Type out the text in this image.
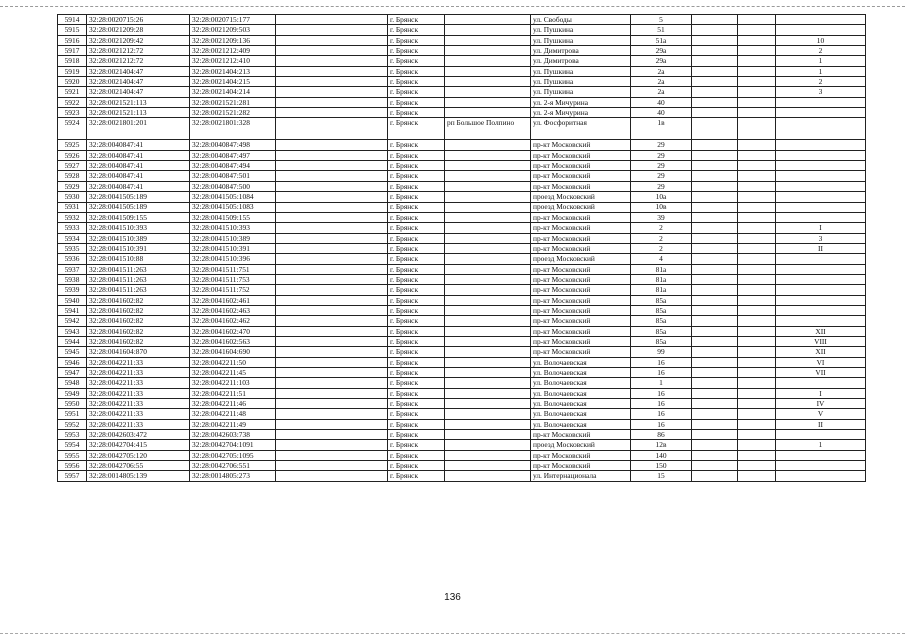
5914	32:28:0020715:26	32:28:0020715:177		г. Брянск		ул. Свободы	5			
5915	32:28:0021209:28	32:28:0021209:503		г. Брянск		ул. Пушкина	51			
5916	32:28:0021209:42	32:28:0021209:136		г. Брянск		ул. Пушкина	51а			10
5917	32:28:0021212:72	32:28:0021212:409		г. Брянск		ул. Димитрова	29а			2
5918	32:28:0021212:72	32:28:0021212:410		г. Брянск		ул. Димитрова	29а			1
5919	32:28:0021404:47	32:28:0021404:213		г. Брянск		ул. Пушкина	2а			1
5920	32:28:0021404:47	32:28:0021404:215		г. Брянск		ул. Пушкина	2а			2
5921	32:28:0021404:47	32:28:0021404:214		г. Брянск		ул. Пушкина	2а			3
5922	32:28:0021521:113	32:28:0021521:281		г. Брянск		ул. 2-я Мичурина	40			
5923	32:28:0021521:113	32:28:0021521:282		г. Брянск		ул. 2-я Мичурина	40			
5924	32:28:0021801:201	32:28:0021801:328		г. Брянск	рп Большое Полпино	ул. Фосфоритная	1в			
5925	32:28:0040847:41	32:28:0040847:498		г. Брянск		пр-кт Московский	29			
5926	32:28:0040847:41	32:28:0040847:497		г. Брянск		пр-кт Московский	29			
5927	32:28:0040847:41	32:28:0040847:494		г. Брянск		пр-кт Московский	29			
5928	32:28:0040847:41	32:28:0040847:501		г. Брянск		пр-кт Московский	29			
5929	32:28:0040847:41	32:28:0040847:500		г. Брянск		пр-кт Московский	29			
5930	32:28:0041505:189	32:28:0041505:1084		г. Брянск		проезд Московский	10а			
5931	32:28:0041505:189	32:28:0041505:1083		г. Брянск		проезд Московский	10в			
5932	32:28:0041509:155	32:28:0041509:155		г. Брянск		пр-кт Московский	39			
5933	32:28:0041510:393	32:28:0041510:393		г. Брянск		пр-кт Московский	2			I
5934	32:28:0041510:389	32:28:0041510:389		г. Брянск		пр-кт Московский	2			3
5935	32:28:0041510:391	32:28:0041510:391		г. Брянск		пр-кт Московский	2			II
5936	32:28:0041510:88	32:28:0041510:396		г. Брянск		проезд Московский	4			
5937	32:28:0041511:263	32:28:0041511:751		г. Брянск		пр-кт Московский	81а			
5938	32:28:0041511:263	32:28:0041511:753		г. Брянск		пр-кт Московский	81а			
5939	32:28:0041511:263	32:28:0041511:752		г. Брянск		пр-кт Московский	81а			
5940	32:28:0041602:82	32:28:0041602:461		г. Брянск		пр-кт Московский	85а			
5941	32:28:0041602:82	32:28:0041602:463		г. Брянск		пр-кт Московский	85а			
5942	32:28:0041602:82	32:28:0041602:462		г. Брянск		пр-кт Московский	85а			
5943	32:28:0041602:82	32:28:0041602:470		г. Брянск		пр-кт Московский	85а			XII
5944	32:28:0041602:82	32:28:0041602:563		г. Брянск		пр-кт Московский	85а			VIII
5945	32:28:0041604:870	32:28:0041604:690		г. Брянск		пр-кт Московский	99			XII
5946	32:28:0042211:33	32:28:0042211:50		г. Брянск		ул. Волочаевская	16			VI
5947	32:28:0042211:33	32:28:0042211:45		г. Брянск		ул. Волочаевская	16			VII
5948	32:28:0042211:33	32:28:0042211:103		г. Брянск		ул. Волочаевская	1			
5949	32:28:0042211:33	32:28:0042211:51		г. Брянск		ул. Волочаевская	16			I
5950	32:28:0042211:33	32:28:0042211:46		г. Брянск		ул. Волочаевская	16			IV
5951	32:28:0042211:33	32:28:0042211:48		г. Брянск		ул. Волочаевская	16			V
5952	32:28:0042211:33	32:28:0042211:49		г. Брянск		ул. Волочаевская	16			II
5953	32:28:0042603:472	32:28:0042603:738		г. Брянск		пр-кт Московский	86			
5954	32:28:0042704:415	32:28:0042704:1091		г. Брянск		проезд Московский	12в			1
5955	32:28:0042705:120	32:28:0042705:1095		г. Брянск		пр-кт Московский	140			
5956	32:28:0042706:55	32:28:0042706:551		г. Брянск		пр-кт Московский	150			
5957	32:28:0014805:139	32:28:0014805:273		г. Брянск		ул. Интернационала	15			
136
